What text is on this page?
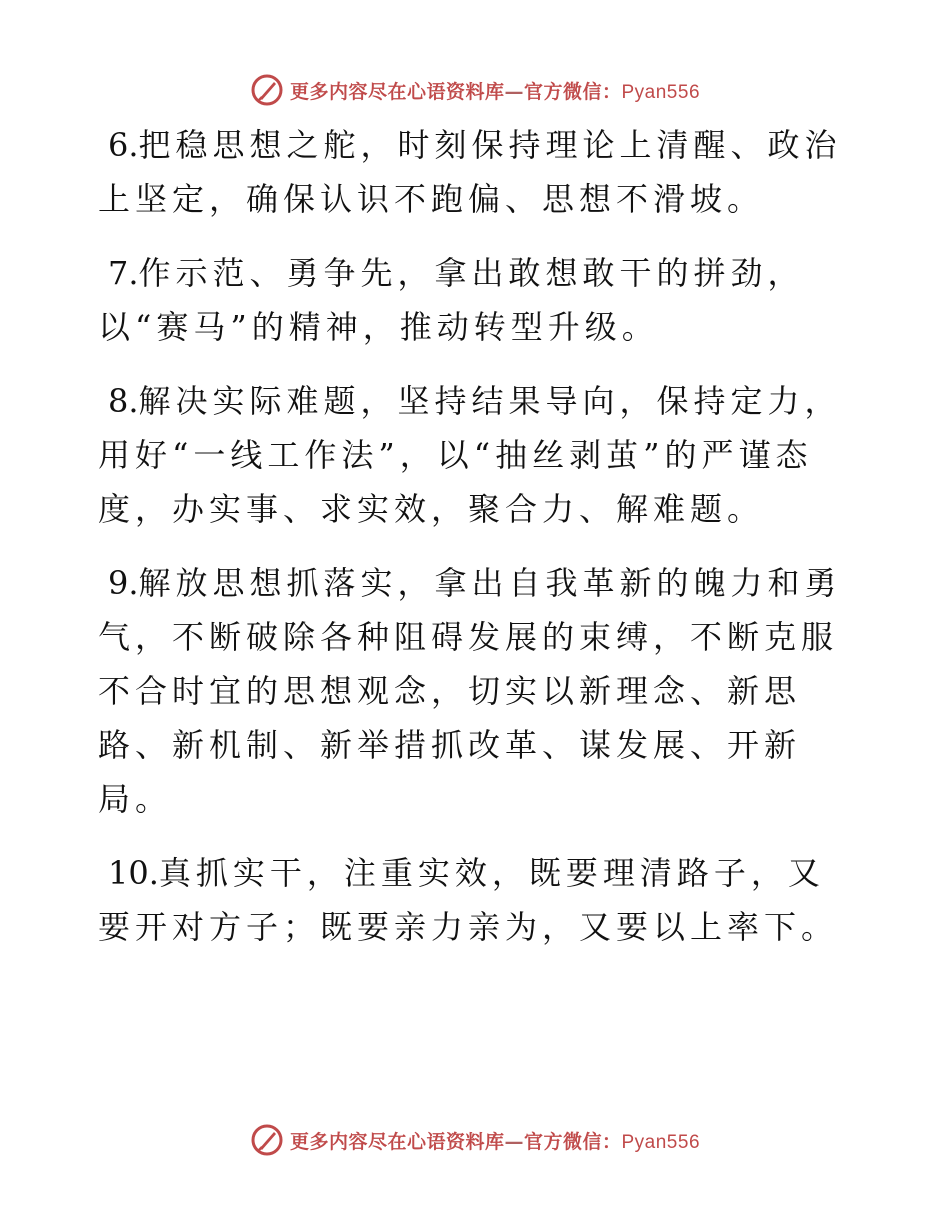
更多内容尽在心语资料库—官方微信：Pyan556

6.把稳思想之舵，时刻保持理论上清醒、政治上坚定，确保认识不跑偏、思想不滑坡。

7.作示范、勇争先，拿出敢想敢干的拼劲，以“赛马”的精神，推动转型升级。

8.解决实际难题，坚持结果导向，保持定力，用好“一线工作法”，以“抽丝剥茧”的严谨态度，办实事、求实效，聚合力、解难题。

9.解放思想抓落实，拿出自我革新的魄力和勇气，不断破除各种阻碍发展的束缚，不断克服不合时宜的思想观念，切实以新理念、新思路、新机制、新举措抓改革、谋发展、开新局。

10.真抓实干，注重实效，既要理清路子，又要开对方子；既要亲力亲为，又要以上率下。

更多内容尽在心语资料库—官方微信：Pyan556
